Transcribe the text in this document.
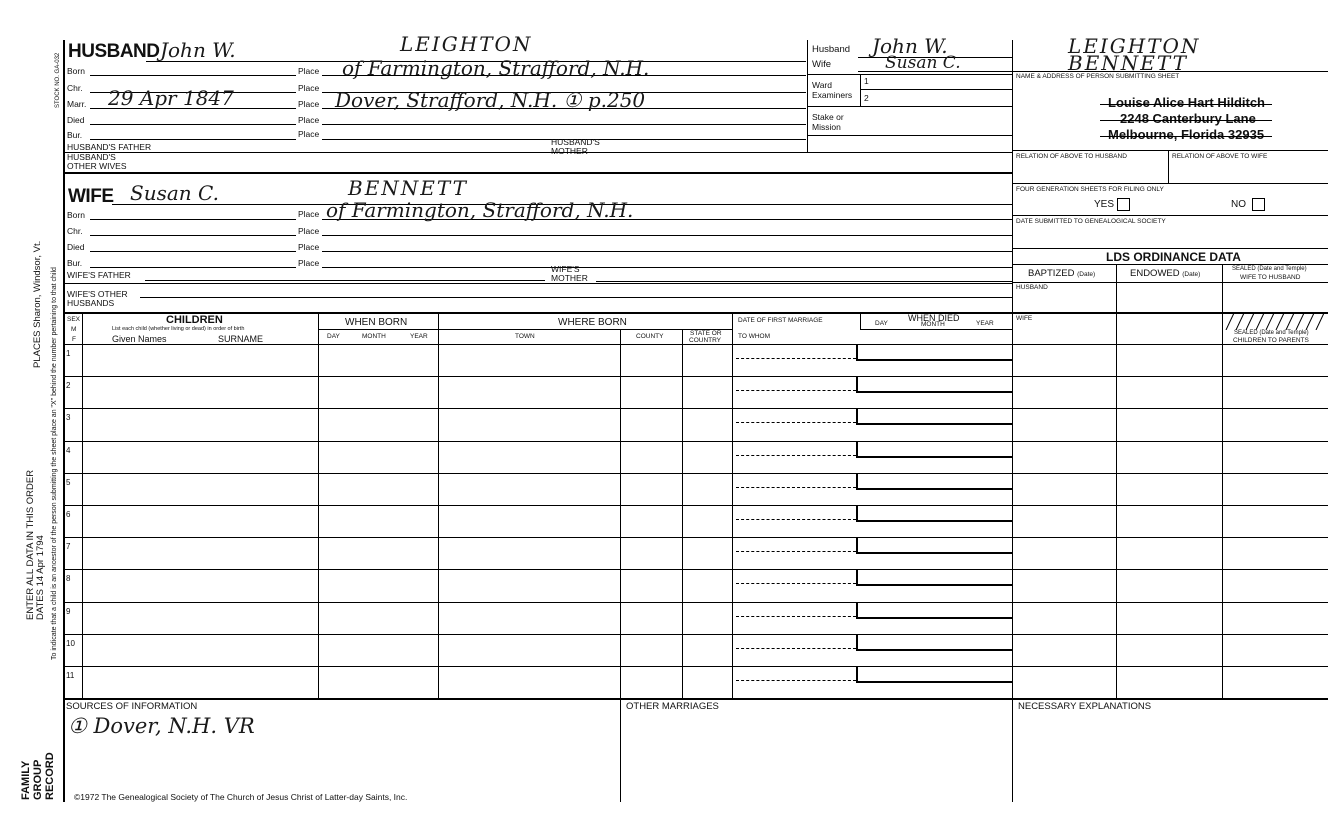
STOCK NO. GA-032
PLACES Sharon, Windsor, Vt. To indicate that a child is an ancestor of the person submitting the sheet place an "X" behind the number pertaining to that child
ENTER ALL DATA IN THIS ORDER DATES 14 Apr 1794
FAMILY GROUP RECORD
HUSBAND John W.	LEIGHTON
Born	Place of Farmington, Strafford, N.H.
Chr.	Place
Marr. 29 Apr 1847	Place Dover, Strafford, N.H. ① p.250
Died	Place
Bur.	Place
HUSBAND'S FATHER	HUSBAND'S
MOTHER
HUSBAND'S
OTHER WIVES
Husband John W.
Wife	Susan C.
Ward
Examiners
1
2
Stake or
Mission
WIFE Susan C.	BENNETT
Born	Place of Farmington, Strafford, N.H.
Chr.	Place
Died	Place
Bur.	Place
WIFE'S FATHER
WIFE'S
MOTHER
WIFE'S OTHER
HUSBANDS
LEIGHTON
BENNETT
NAME & ADDRESS OF PERSON SUBMITTING SHEET
Louise Alice Hart Hilditch
2248 Canterbury Lane
Melbourne, Florida 32935
RELATION OF ABOVE TO HUSBAND	RELATION OF ABOVE TO WIFE
FOUR GENERATION SHEETS FOR FILING ONLY
YES	NO
DATE SUBMITTED TO GENEALOGICAL SOCIETY
LDS ORDINANCE DATA
BAPTIZED (Date)	ENDOWED (Date)
SEALED (Date and Temple)
WIFE TO HUSBAND
HUSBAND
WIFE
SEALED (Date and Temple)
CHILDREN TO PARENTS
SEX
M
F
CHILDREN
List each child (whether living or dead) in order of birth
Given Names	SURNAME
WHEN BORN
DAY	MONTH	YEAR
WHERE BORN
TOWN	COUNTY	STATE OR
COUNTRY
DATE OF FIRST MARRIAGE
TO WHOM
DAY
WHEN DIED
MONTH	YEAR
1
2
3
4
5
6
7
8
9
10
11
SOURCES OF INFORMATION
① Dover, N.H. VR
OTHER MARRIAGES	NECESSARY EXPLANATIONS
©1972 The Genealogical Society of The Church of Jesus Christ of Latter-day Saints, Inc.
